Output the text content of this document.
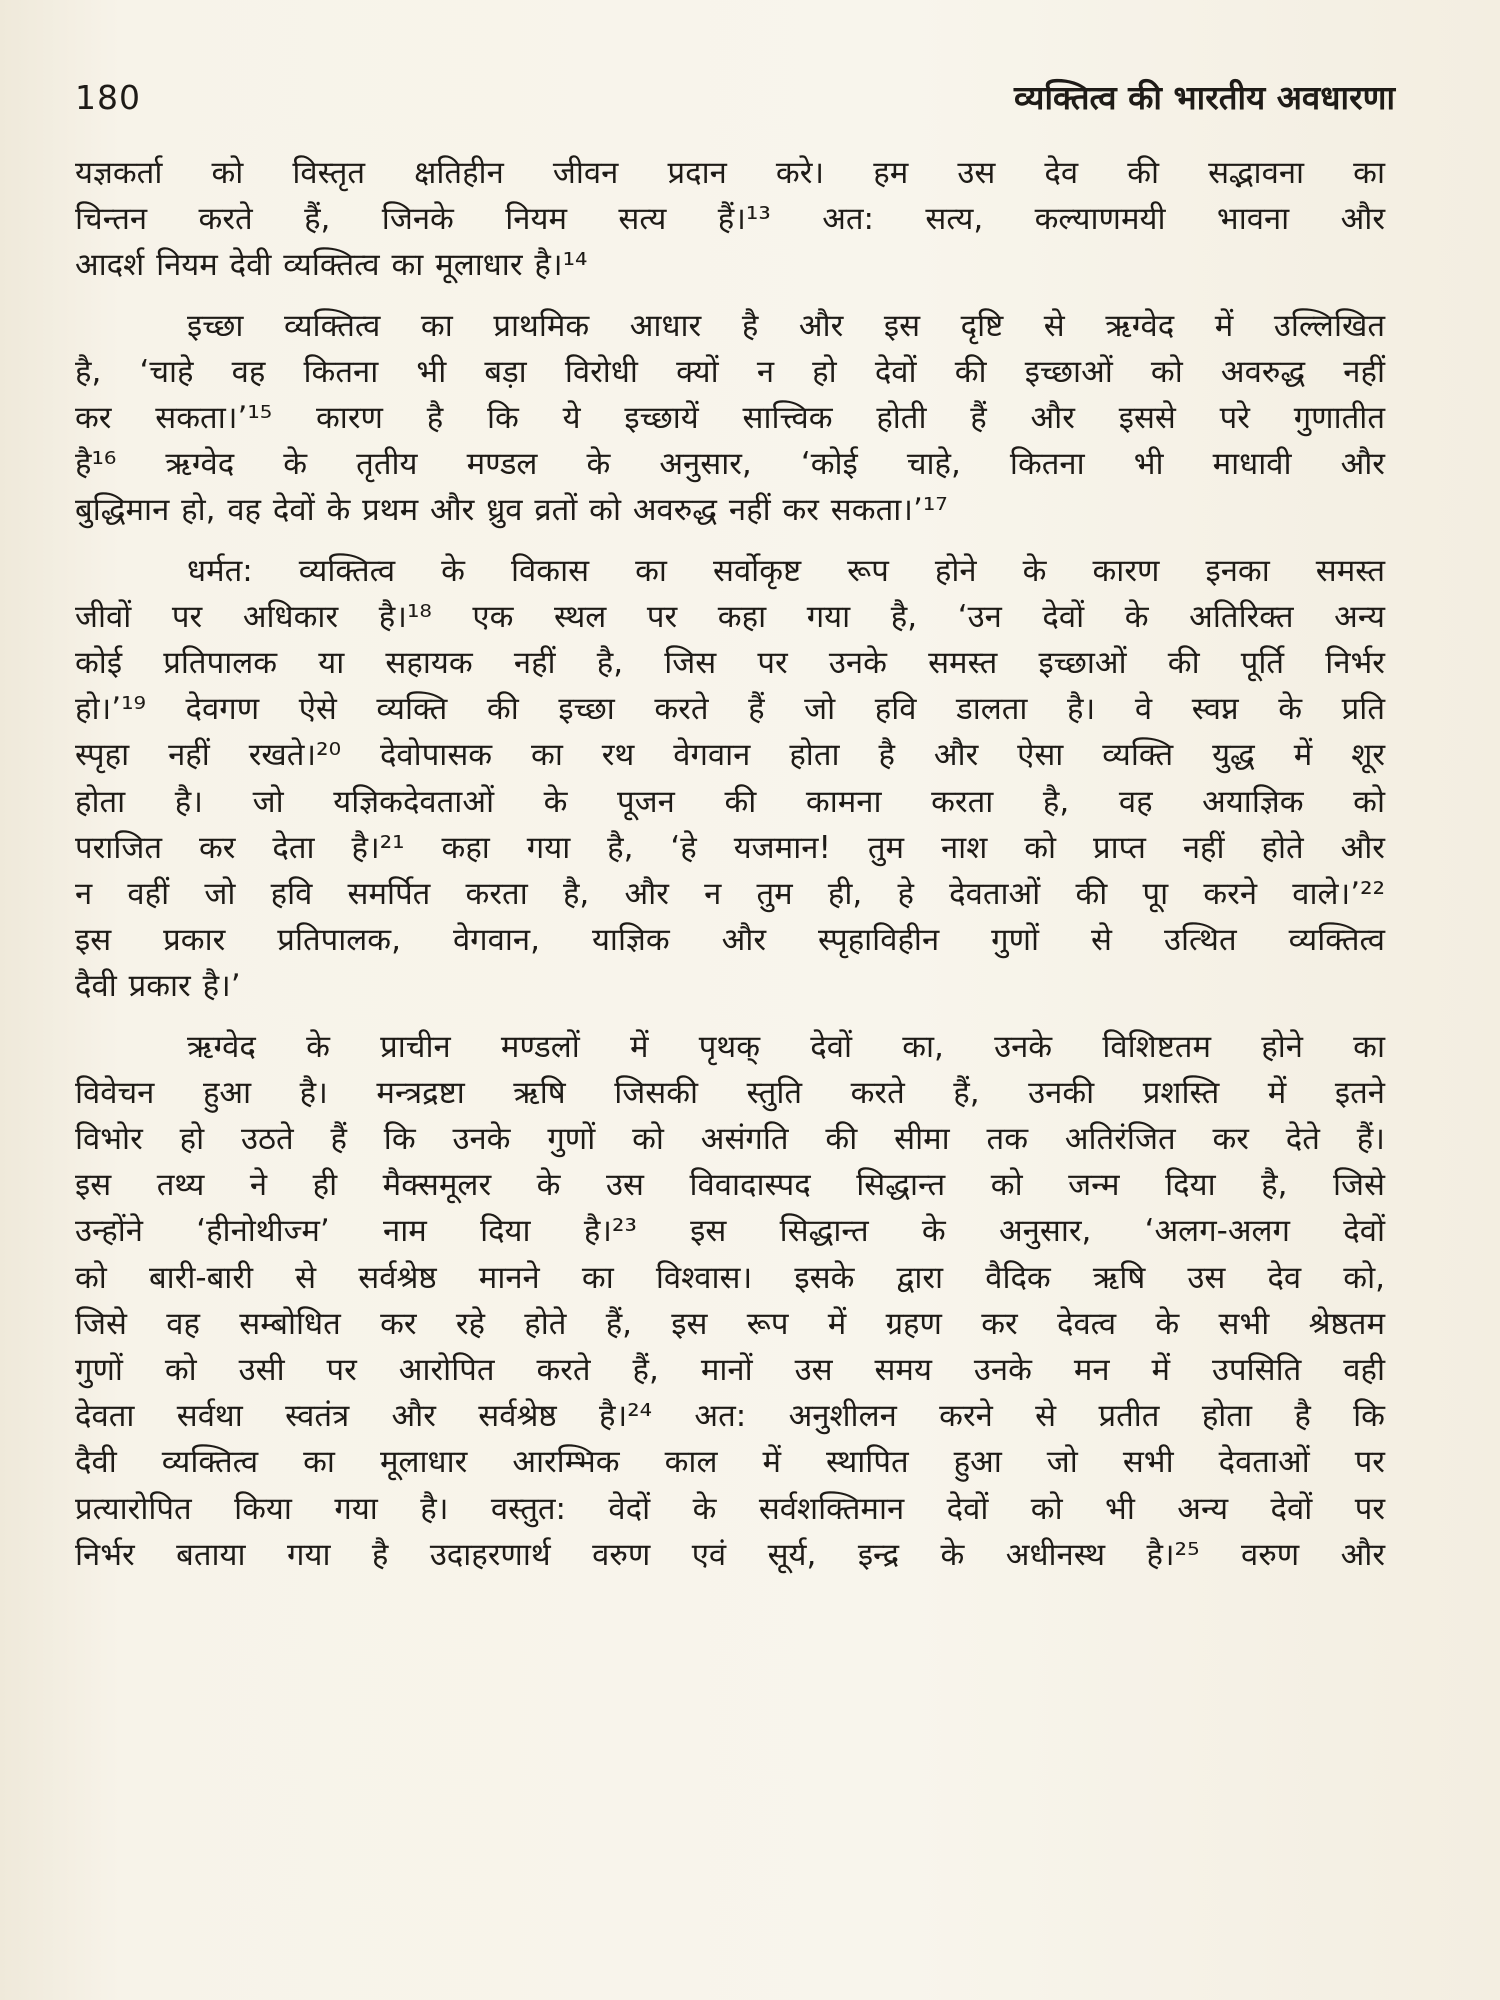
180	व्यक्तित्व की भारतीय अवधारणा
यज्ञकर्ता को विस्तृत क्षतिहीन जीवन प्रदान करे। हम उस देव की सद्भावना का
चिन्तन करते हैं, जिनके नियम सत्य हैं।¹³ अत: सत्य, कल्याणमयी भावना और
आदर्श नियम देवी व्यक्तित्व का मूलाधार है।¹⁴
इच्छा व्यक्तित्व का प्राथमिक आधार है और इस दृष्टि से ऋग्वेद में उल्लिखित
है, ‘चाहे वह कितना भी बड़ा विरोधी क्यों न हो देवों की इच्छाओं को अवरुद्ध नहीं
कर सकता।’¹⁵ कारण है कि ये इच्छायें सात्त्विक होती हैं और इससे परे गुणातीत
है¹⁶ ऋग्वेद के तृतीय मण्डल के अनुसार, ‘कोई चाहे, कितना भी माधावी और
बुद्धिमान हो, वह देवों के प्रथम और ध्रुव व्रतों को अवरुद्ध नहीं कर सकता।’¹⁷
धर्मत: व्यक्तित्व के विकास का सर्वोकृष्ट रूप होने के कारण इनका समस्त
जीवों पर अधिकार है।¹⁸ एक स्थल पर कहा गया है, ‘उन देवों के अतिरिक्त अन्य
कोई प्रतिपालक या सहायक नहीं है, जिस पर उनके समस्त इच्छाओं की पूर्ति निर्भर
हो।’¹⁹ देवगण ऐसे व्यक्ति की इच्छा करते हैं जो हवि डालता है। वे स्वप्न के प्रति
स्पृहा नहीं रखते।²⁰ देवोपासक का रथ वेगवान होता है और ऐसा व्यक्ति युद्ध में शूर
होता है। जो यज्ञिकदेवताओं के पूजन की कामना करता है, वह अयाज्ञिक को
पराजित कर देता है।²¹ कहा गया है, ‘हे यजमान! तुम नाश को प्राप्त नहीं होते और
न वहीं जो हवि समर्पित करता है, और न तुम ही, हे देवताओं की पूा करने वाले।’²²
इस प्रकार प्रतिपालक, वेगवान, याज्ञिक और स्पृहाविहीन गुणों से उत्थित व्यक्तित्व
दैवी प्रकार है।’
ऋग्वेद के प्राचीन मण्डलों में पृथक् देवों का, उनके विशिष्टतम होने का
विवेचन हुआ है। मन्त्रद्रष्टा ऋषि जिसकी स्तुति करते हैं, उनकी प्रशस्ति में इतने
विभोर हो उठते हैं कि उनके गुणों को असंगति की सीमा तक अतिरंजित कर देते हैं।
इस तथ्य ने ही मैक्समूलर के उस विवादास्पद सिद्धान्त को जन्म दिया है, जिसे
उन्होंने ‘हीनोथीज्म’ नाम दिया है।²³ इस सिद्धान्त के अनुसार, ‘अलग-अलग देवों
को बारी-बारी से सर्वश्रेष्ठ मानने का विश्वास। इसके द्वारा वैदिक ऋषि उस देव को,
जिसे वह सम्बोधित कर रहे होते हैं, इस रूप में ग्रहण कर देवत्व के सभी श्रेष्ठतम
गुणों को उसी पर आरोपित करते हैं, मानों उस समय उनके मन में उपसिति वही
देवता सर्वथा स्वतंत्र और सर्वश्रेष्ठ है।²⁴ अत: अनुशीलन करने से प्रतीत होता है कि
दैवी व्यक्तित्व का मूलाधार आरम्भिक काल में स्थापित हुआ जो सभी देवताओं पर
प्रत्यारोपित किया गया है। वस्तुत: वेदों के सर्वशक्तिमान देवों को भी अन्य देवों पर
निर्भर बताया गया है उदाहरणार्थ वरुण एवं सूर्य, इन्द्र के अधीनस्थ है।²⁵ वरुण और
